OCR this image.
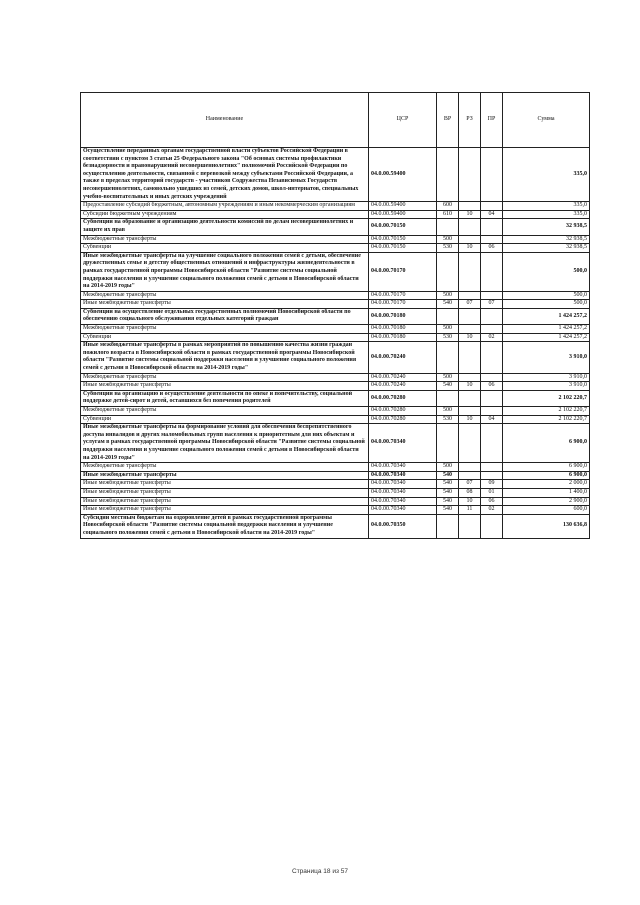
Наименование	ЦСР	ВР	РЗ	ПР	Сумма
Осуществление переданных органам государственной власти субъектов Российской Федерации в соответствии с пунктом 3 статьи 25 Федерального закона "Об основах системы профилактики безнадзорности и правонарушений несовершеннолетних" полномочий Российской Федерации по осуществлению деятельности, связанной с перевозкой между субъектами Российской Федерации, а также в пределах территорий государств - участников Содружества Независимых Государств несовершеннолетних, самовольно ушедших из семей, детских домов, школ-интернатов, специальных учебно-воспитательных и иных детских учреждений	04.0.00.59400				335,0
Предоставление субсидий бюджетным, автономным учреждениям и иным некоммерческим организациям	04.0.00.59400	600			335,0
Субсидии бюджетным учреждениям	04.0.00.59400	610	10	04	335,0
Субвенции на образование и организацию деятельности комиссий по делам несовершеннолетних и защите их прав	04.0.00.70150				32 938,5
Межбюджетные трансферты	04.0.00.70150	500			32 938,5
Субвенции	04.0.00.70150	530	10	06	32 938,5
Иные межбюджетные трансферты на улучшение социального положения семей с детьми, обеспечение дружественных семье и детству общественных отношений и инфраструктуры жизнедеятельности в рамках государственной программы Новосибирской области "Развитие системы социальной поддержки населения и улучшение социального положения семей с детьми в Новосибирской области на 2014-2019 годы"	04.0.00.70170				500,0
Межбюджетные трансферты	04.0.00.70170	500			500,0
Иные межбюджетные трансферты	04.0.00.70170	540	07	07	500,0
Субвенции на осуществление отдельных государственных полномочий Новосибирской области по обеспечению социального обслуживания отдельных категорий граждан	04.0.00.70180				1 424 257,2
Межбюджетные трансферты	04.0.00.70180	500			1 424 257,2
Субвенции	04.0.00.70180	530	10	02	1 424 257,2
Иные межбюджетные трансферты в рамках мероприятий по повышению качества жизни граждан пожилого возраста в Новосибирской области в рамках государственной программы Новосибирской области "Развитие системы социальной поддержки населения и улучшение социального положения семей с детьми в Новосибирской области на 2014-2019 годы"	04.0.00.70240				3 910,0
Межбюджетные трансферты	04.0.00.70240	500			3 910,0
Иные межбюджетные трансферты	04.0.00.70240	540	10	06	3 910,0
Субвенции на организацию и осуществление деятельности по опеке и попечительству, социальной поддержке детей-сирот и детей, оставшихся без попечения родителей	04.0.00.70280				2 102 220,7
Межбюджетные трансферты	04.0.00.70280	500			2 102 220,7
Субвенции	04.0.00.70280	530	10	04	2 102 220,7
Иные межбюджетные трансферты на формирование условий для обеспечения беспрепятственного доступа инвалидов и других маломобильных групп населения к приоритетным для них объектам и услугам в рамках государственной программы Новосибирской области "Развитие системы социальной поддержки населения и улучшение социального положения семей с детьми в Новосибирской области на 2014-2019 годы"	04.0.00.70340				6 900,0
Межбюджетные трансферты	04.0.00.70340	500			6 900,0
Иные межбюджетные трансферты	04.0.00.70340	540			6 900,0
Иные межбюджетные трансферты	04.0.00.70340	540	07	09	2 000,0
Иные межбюджетные трансферты	04.0.00.70340	540	08	01	1 400,0
Иные межбюджетные трансферты	04.0.00.70340	540	10	06	2 900,0
Иные межбюджетные трансферты	04.0.00.70340	540	11	02	600,0
Субсидии местным бюджетам на оздоровление детей в рамках государственной программы Новосибирской области "Развитие системы социальной поддержки населения и улучшение социального положения семей с детьми в Новосибирской области на 2014-2019 годы"	04.0.00.70350				130 636,8
Страница 18 из 57
